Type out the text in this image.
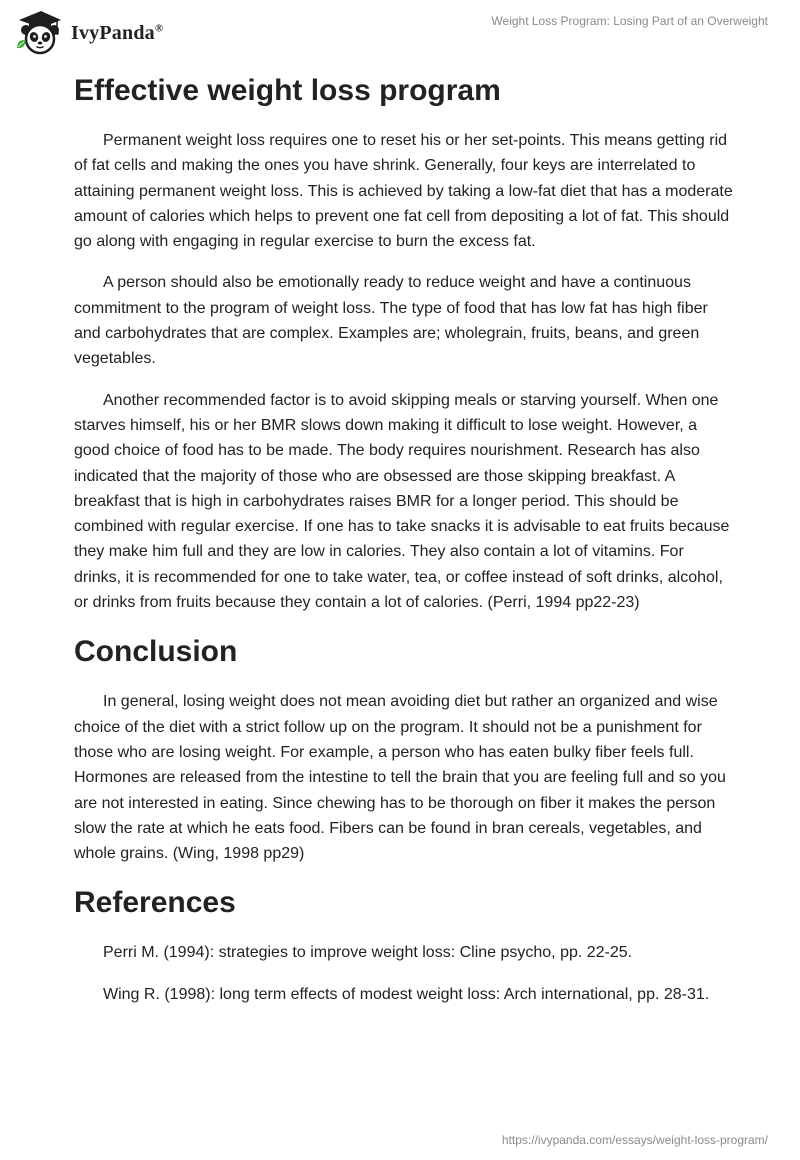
IvyPanda®	Weight Loss Program: Losing Part of an Overweight
Effective weight loss program

Permanent weight loss requires one to reset his or her set-points. This means getting rid of fat cells and making the ones you have shrink. Generally, four keys are interrelated to attaining permanent weight loss. This is achieved by taking a low-fat diet that has a moderate amount of calories which helps to prevent one fat cell from depositing a lot of fat. This should go along with engaging in regular exercise to burn the excess fat.

A person should also be emotionally ready to reduce weight and have a continuous commitment to the program of weight loss. The type of food that has low fat has high fiber and carbohydrates that are complex. Examples are; wholegrain, fruits, beans, and green vegetables.

Another recommended factor is to avoid skipping meals or starving yourself. When one starves himself, his or her BMR slows down making it difficult to lose weight. However, a good choice of food has to be made. The body requires nourishment. Research has also indicated that the majority of those who are obsessed are those skipping breakfast. A breakfast that is high in carbohydrates raises BMR for a longer period. This should be combined with regular exercise. If one has to take snacks it is advisable to eat fruits because they make him full and they are low in calories. They also contain a lot of vitamins. For drinks, it is recommended for one to take water, tea, or coffee instead of soft drinks, alcohol, or drinks from fruits because they contain a lot of calories. (Perri, 1994 pp22-23)

Conclusion

In general, losing weight does not mean avoiding diet but rather an organized and wise choice of the diet with a strict follow up on the program. It should not be a punishment for those who are losing weight. For example, a person who has eaten bulky fiber feels full. Hormones are released from the intestine to tell the brain that you are feeling full and so you are not interested in eating. Since chewing has to be thorough on fiber it makes the person slow the rate at which he eats food. Fibers can be found in bran cereals, vegetables, and whole grains. (Wing, 1998 pp29)

References

Perri M. (1994): strategies to improve weight loss: Cline psycho, pp. 22-25.

Wing R. (1998): long term effects of modest weight loss: Arch international, pp. 28-31.

https://ivypanda.com/essays/weight-loss-program/
